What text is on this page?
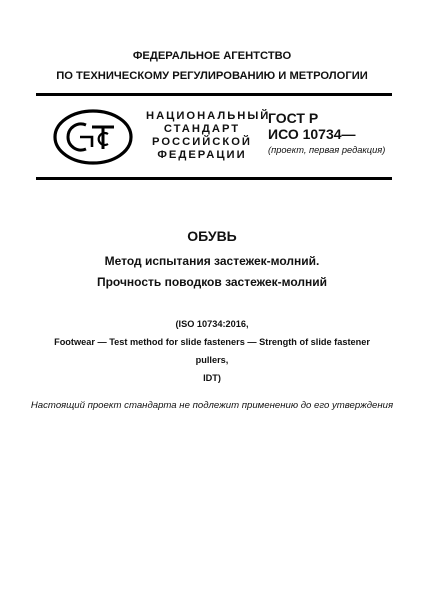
ФЕДЕРАЛЬНОЕ АГЕНТСТВО
ПО ТЕХНИЧЕСКОМУ РЕГУЛИРОВАНИЮ И МЕТРОЛОГИИ
НАЦИОНАЛЬНЫЙ
СТАНДАРТ
РОССИЙСКОЙ
ФЕДЕРАЦИИ
ГОСТ Р
ИСО 10734—
(проект, первая редакция)
ОБУВЬ
Метод испытания застежек-молний.
Прочность поводков застежек-молний
(ISO 10734:2016,
Footwear — Test method for slide fasteners — Strength of slide fastener pullers,
IDT)
Настоящий проект стандарта не подлежит применению до его утверждения
